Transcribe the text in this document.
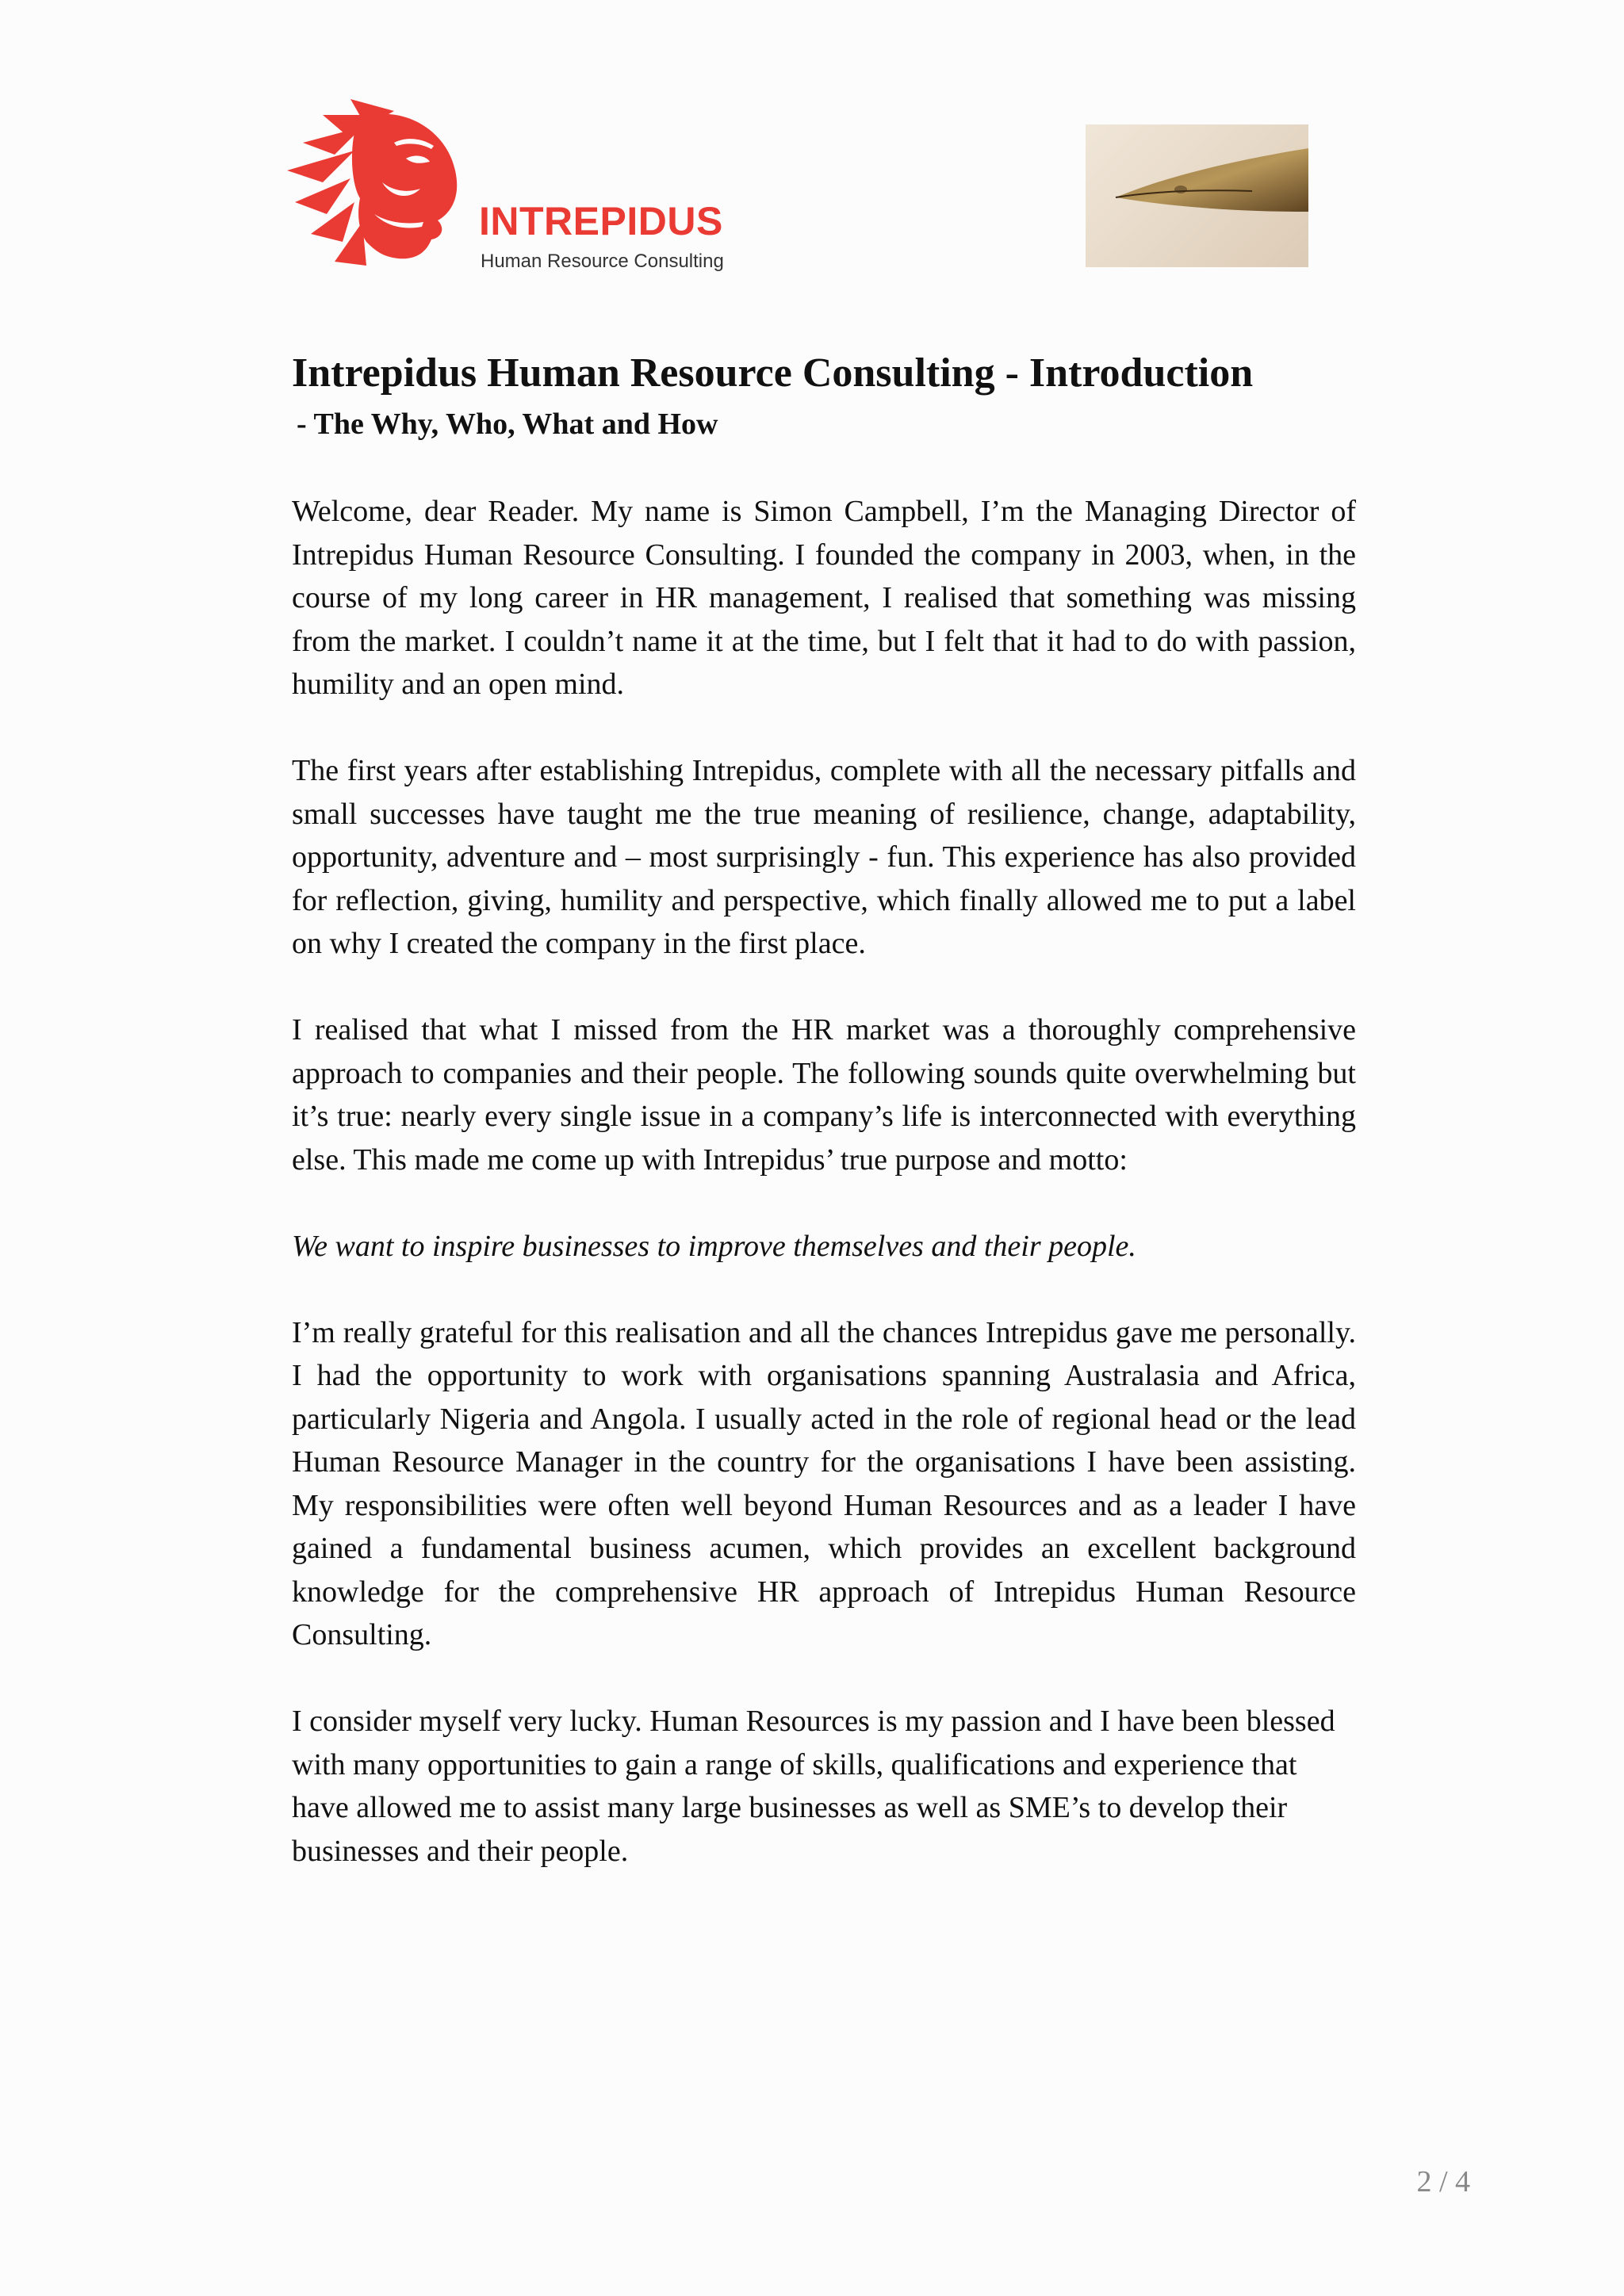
INTREPIDUS
Human Resource Consulting
Intrepidus Human Resource Consulting - Introduction
- The Why, Who, What and How

Welcome, dear Reader. My name is Simon Campbell, I’m the Managing Director of Intrepidus Human Resource Consulting. I founded the company in 2003, when, in the course of my long career in HR management, I realised that something was missing from the market. I couldn’t name it at the time, but I felt that it had to do with passion, humility and an open mind.

The first years after establishing Intrepidus, complete with all the necessary pitfalls and small successes have taught me the true meaning of resilience, change, adaptability, opportunity, adventure and – most surprisingly - fun. This experience has also provided for reflection, giving, humility and perspective, which finally allowed me to put a label on why I created the company in the first place.

I realised that what I missed from the HR market was a thoroughly comprehensive approach to companies and their people. The following sounds quite overwhelming but it’s true: nearly every single issue in a company’s life is interconnected with everything else. This made me come up with Intrepidus’ true purpose and motto:

We want to inspire businesses to improve themselves and their people.

I’m really grateful for this realisation and all the chances Intrepidus gave me personally. I had the opportunity to work with organisations spanning Australasia and Africa, particularly Nigeria and Angola. I usually acted in the role of regional head or the lead Human Resource Manager in the country for the organisations I have been assisting. My responsibilities were often well beyond Human Resources and as a leader I have gained a fundamental business acumen, which provides an excellent background knowledge for the comprehensive HR approach of Intrepidus Human Resource Consulting.

I consider myself very lucky. Human Resources is my passion and I have been blessed with many opportunities to gain a range of skills, qualifications and experience that have allowed me to assist many large businesses as well as SME’s to develop their businesses and their people.

2 / 4
